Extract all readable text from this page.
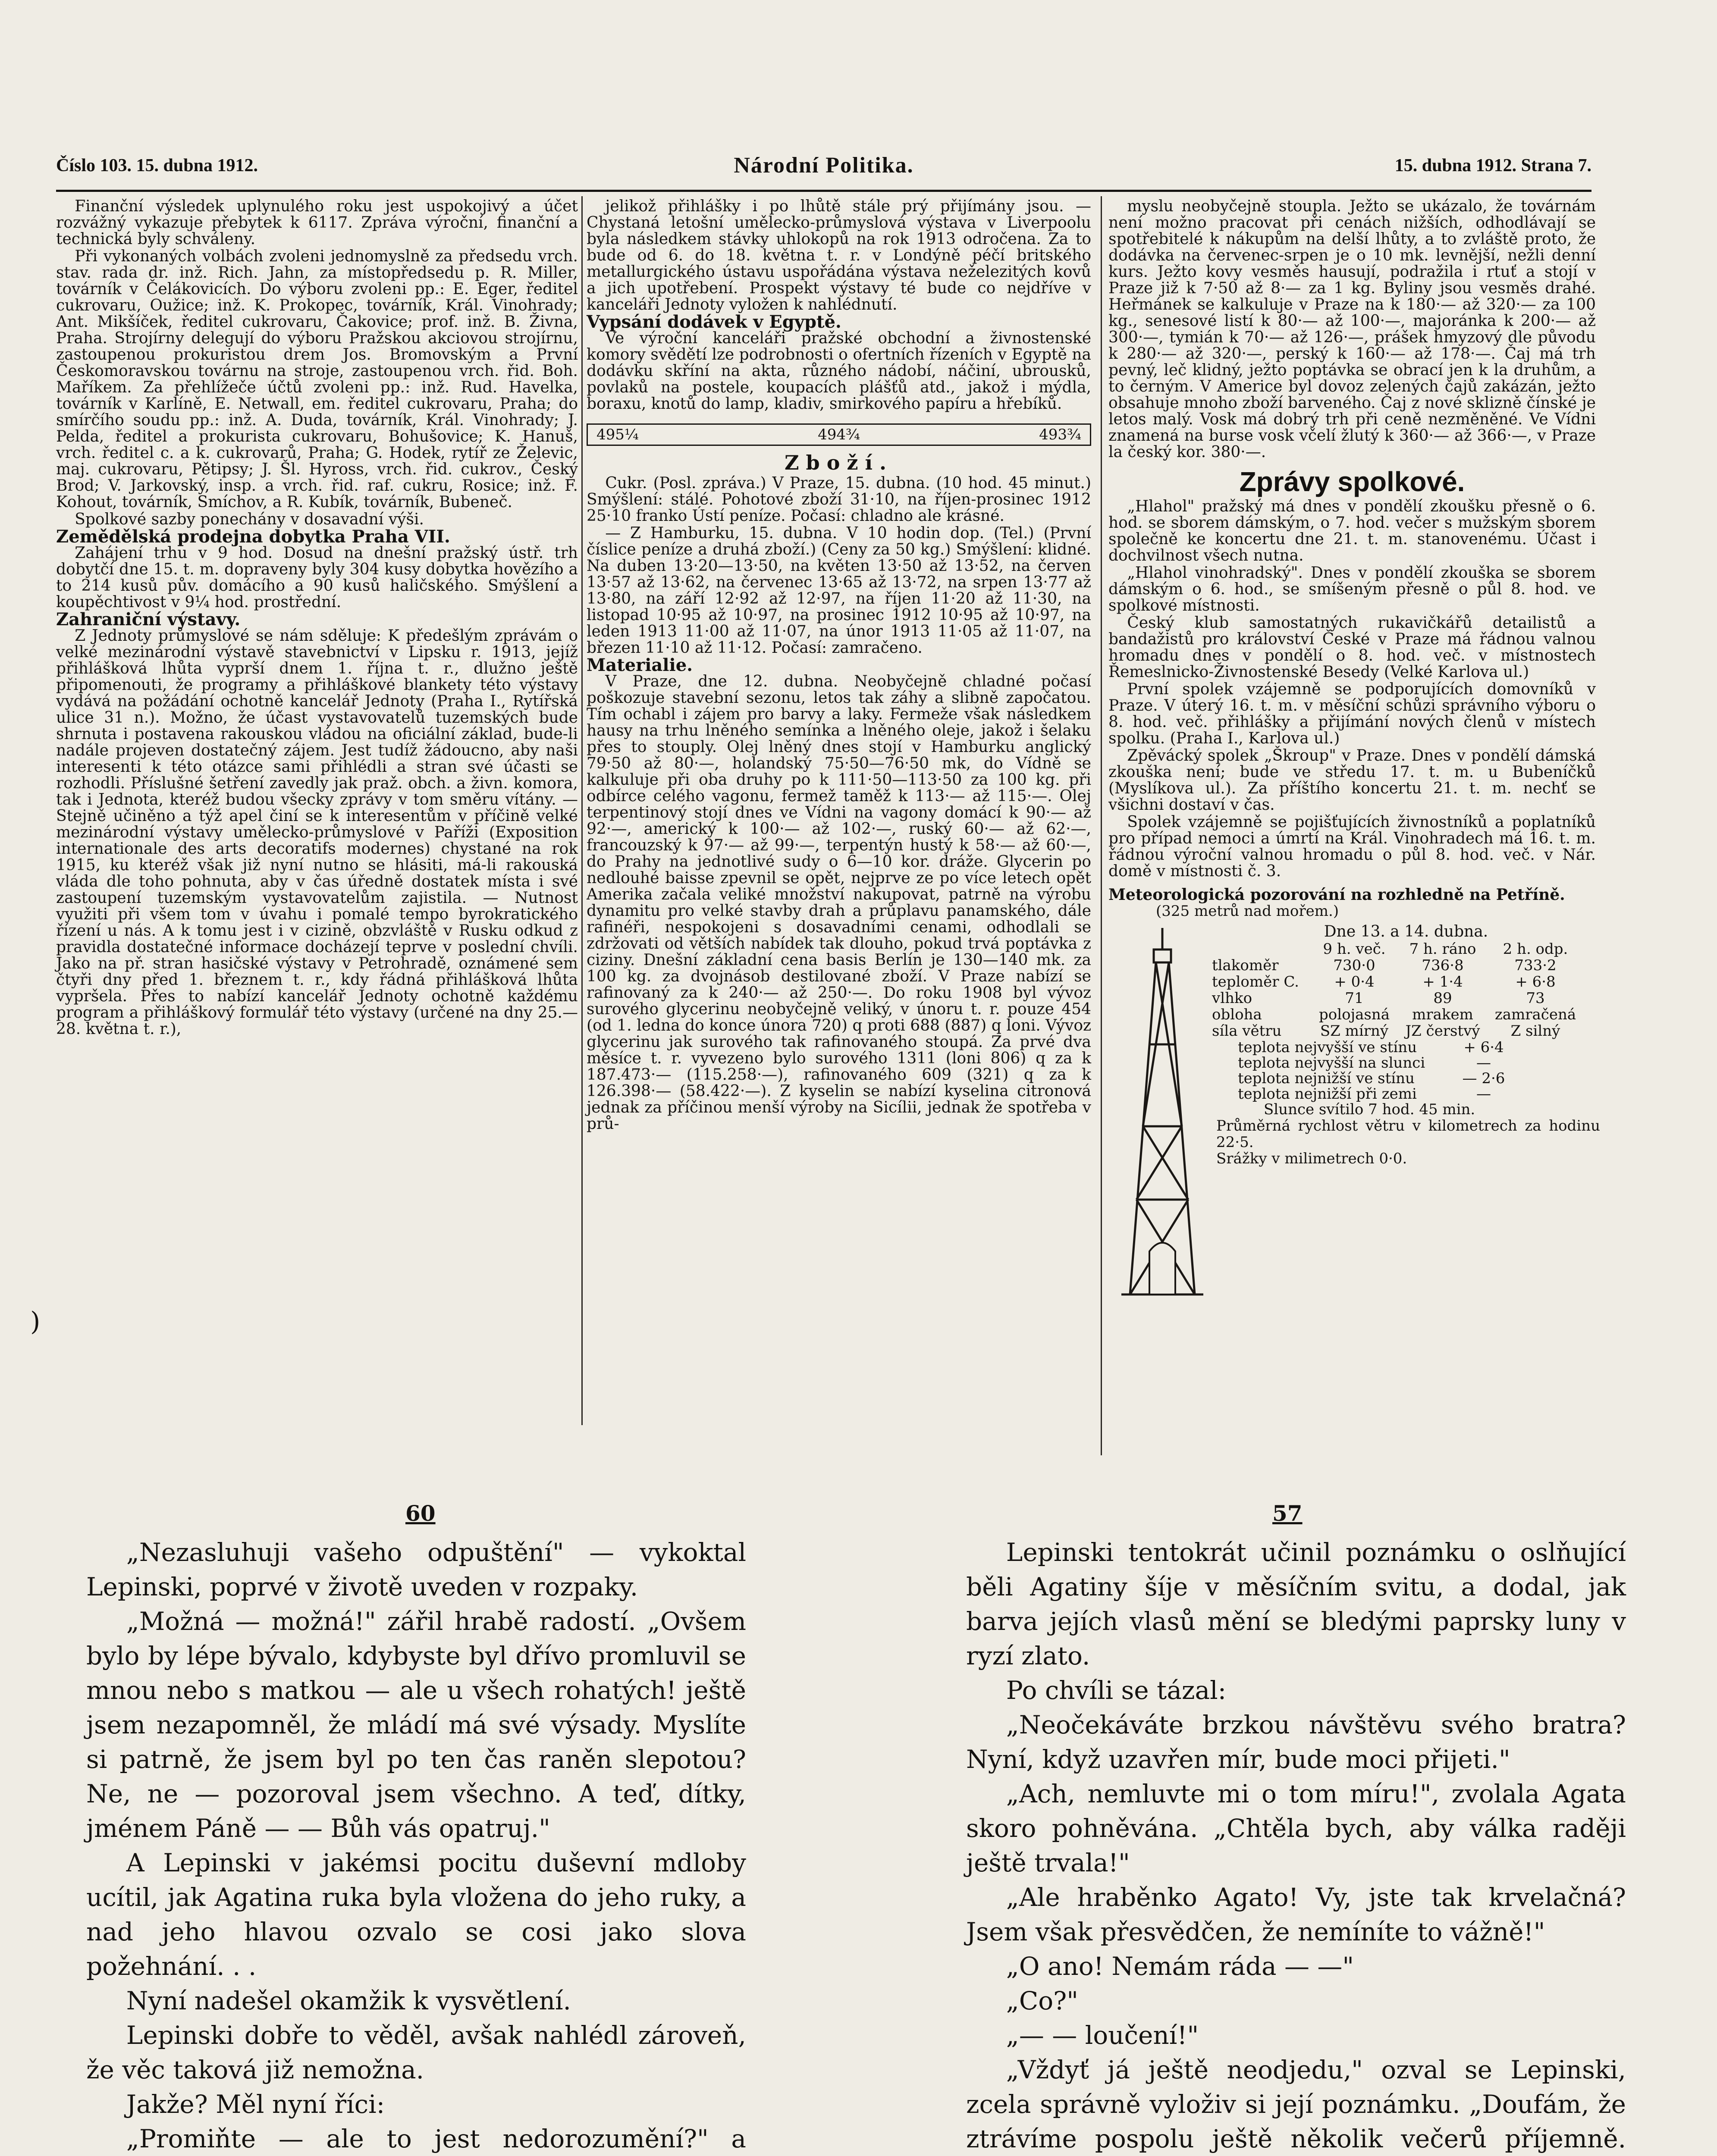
Číslo 103. 15. dubna 1912.	Národní Politika.	15. dubna 1912. Strana 7.

Finanční výsledek uplynulého roku jest uspokojivý a účet rozvážný vykazuje přebytek k 6117. Zpráva výroční, finanční a technická byly schváleny.

Při vykonaných volbách zvoleni jednomyslně za předsedu vrch. stav. rada dr. inž. Rich. Jahn, za místopředsedu p. R. Miller, továrník v Čelákovicích. Do výboru zvoleni pp.: E. Eger, ředitel cukrovaru, Oužice; inž. K. Prokopec, továrník, Král. Vinohrady; Ant. Mikšíček, ředitel cukrovaru, Čakovice; prof. inž. B. Živna, Praha. Strojírny delegují do výboru Pražskou akciovou strojírnu, zastoupenou prokuristou drem Jos. Bromovským a První Českomoravskou továrnu na stroje, zastoupenou vrch. řid. Boh. Maříkem. Za přehlížeče účtů zvoleni pp.: inž. Rud. Havelka, továrník v Karlíně, E. Netwall, em. ředitel cukrovaru, Praha; do smírčího soudu pp.: inž. A. Duda, továrník, Král. Vinohrady; J. Pelda, ředitel a prokurista cukrovaru, Bohušovice; K. Hanuš, vrch. ředitel c. a k. cukrovarů, Praha; G. Hodek, rytíř ze Želevic, maj. cukrovaru, Pětipsy; J. Šl. Hyross, vrch. řid. cukrov., Český Brod; V. Jarkovský, insp. a vrch. řid. raf. cukru, Rosice; inž. F. Kohout, továrník, Smíchov, a R. Kubík, továrník, Bubeneč.

Spolkové sazby ponechány v dosavadní výši.

Zemědělská prodejna dobytka Praha VII.

Zahájení trhu v 9 hod. Dosud na dnešní pražský ústř. trh dobytčí dne 15. t. m. dopraveny byly 304 kusy dobytka hovězího a to 214 kusů pův. domácího a 90 kusů haličského. Smýšlení a koupěchtivost v 9¼ hod. prostřední.

Zahraniční výstavy.

Z Jednoty průmyslové se nám sděluje: K předešlým zprávám o velké mezinárodní výstavě stavebnictví v Lipsku r. 1913, jejíž přihlášková lhůta vyprší dnem 1. října t. r., dlužno ještě připomenouti, že programy a přihláškové blankety této výstavy vydává na požádání ochotně kancelář Jednoty (Praha I., Rytířská ulice 31 n.). Možno, že účast vystavovatelů tuzemských bude shrnuta i postavena rakouskou vládou na oficiální základ, bude-li nadále projeven dostatečný zájem. Jest tudíž žádoucno, aby naši interesenti k této otázce sami přihlédli a stran své účasti se rozhodli. Příslušné šetření zavedly jak praž. obch. a živn. komora, tak i Jednota, kteréž budou všecky zprávy v tom směru vítány. — Stejně učiněno a týž apel činí se k interesentům v příčině velké mezinárodní výstavy umělecko-průmyslové v Paříži (Exposition internationale des arts decoratifs modernes) chystané na rok 1915, ku kteréž však již nyní nutno se hlásiti, má-li rakouská vláda dle toho pohnuta, aby v čas úředně dostatek místa i své zastoupení tuzemským vystavovatelům zajistila. — Nutnost využiti při všem tom v úvahu i pomalé tempo byrokratického řízení u nás. A k tomu jest i v cizině, obzvláště v Rusku odkud z pravidla dostatečné informace docházejí teprve v poslední chvíli. Jako na př. stran hasičské výstavy v Petrohradě, oznámené sem čtyři dny před 1. březnem t. r., kdy řádná přihlášková lhůta vypršela. Přes to nabízí kancelář Jednoty ochotně každému program a přihláškový formulář této výstavy (určené na dny 25.—28. května t. r.),

jelikož přihlášky i po lhůtě stále prý přijímány jsou. — Chystaná letošní umělecko-průmyslová výstava v Liverpoolu byla následkem stávky uhlokopů na rok 1913 odročena. Za to bude od 6. do 18. května t. r. v Londýně péčí britského metallurgického ústavu uspořádána výstava neželezitých kovů a jich upotřebení. Prospekt výstavy té bude co nejdříve v kanceláři Jednoty vyložen k nahlédnutí.

Vypsání dodávek v Egyptě.

Ve výroční kanceláři pražské obchodní a živnostenské komory svědětí lze podrobnosti o ofertních řízeních v Egyptě na dodávku skříní na akta, různého nádobí, náčiní, ubrousků, povlaků na postele, koupacích plášťů atd., jakož i mýdla, boraxu, knotů do lamp, kladiv, smirkového papíru a hřebíků.

495¼	494¾	493¾
Zboží.

Cukr. (Posl. zpráva.) V Praze, 15. dubna. (10 hod. 45 minut.) Smýšlení: stálé. Pohotové zboží 31·10, na říjen-prosinec 1912 25·10 franko Ústí peníze. Počasí: chladno ale krásné.

— Z Hamburku, 15. dubna. V 10 hodin dop. (Tel.) (První číslice peníze a druhá zboží.) (Ceny za 50 kg.) Smýšlení: klidné. Na duben 13·20—13·50, na květen 13·50 až 13·52, na červen 13·57 až 13·62, na červenec 13·65 až 13·72, na srpen 13·77 až 13·80, na září 12·92 až 12·97, na říjen 11·20 až 11·30, na listopad 10·95 až 10·97, na prosinec 1912 10·95 až 10·97, na leden 1913 11·00 až 11·07, na únor 1913 11·05 až 11·07, na březen 11·10 až 11·12. Počasí: zamračeno.

Materialie.

V Praze, dne 12. dubna. Neobyčejně chladné počasí poškozuje stavební sezonu, letos tak záhy a slibně započatou. Tím ochabl i zájem pro barvy a laky. Fermeže však následkem hausy na trhu lněného semínka a lněného oleje, jakož i šelaku přes to stouply. Olej lněný dnes stojí v Hamburku anglický 79·50 až 80·—, holandský 75·50—76·50 mk, do Vídně se kalkuluje při oba druhy po k 111·50—113·50 za 100 kg. při odbírce celého vagonu, fermež taměž k 113·— až 115·—. Olej terpentinový stojí dnes ve Vídni na vagony domácí k 90·— až 92·—, americký k 100·— až 102·—, ruský 60·— až 62·—, francouzský k 97·— až 99·—, terpentýn hustý k 58·— až 60·—, do Prahy na jednotlivé sudy o 6—10 kor. dráže. Glycerin po nedlouhé baisse zpevnil se opět, nejprve ze po více letech opět Amerika začala veliké množství nakupovat, patrně na výrobu dynamitu pro velké stavby drah a průplavu panamského, dále rafinéři, nespokojeni s dosavadními cenami, odhodlali se zdržovati od větších nabídek tak dlouho, pokud trvá poptávka z ciziny. Dnešní základní cena basis Berlín je 130—140 mk. za 100 kg. za dvojnásob destilované zboží. V Praze nabízí se rafinovaný za k 240·— až 250·—. Do roku 1908 byl vývoz surového glycerinu neobyčejně veliký, v únoru t. r. pouze 454 (od 1. ledna do konce února 720) q proti 688 (887) q loni. Vývoz glycerinu jak surového tak rafinovaného stoupá. Za prvé dva měsíce t. r. vyvezeno bylo surového 1311 (loni 806) q za k 187.473·— (115.258·—), rafinovaného 609 (321) q za k 126.398·— (58.422·—). Z kyselin se nabízí kyselina citronová jednak za příčinou menší výroby na Sicílii, jednak že spotřeba v prů-

myslu neobyčejně stoupla. Ježto se ukázalo, že továrnám není možno pracovat při cenách nižších, odhodlávají se spotřebitelé k nákupům na delší lhůty, a to zvláště proto, že dodávka na červenec-srpen je o 10 mk. levnější, nežli denní kurs. Ježto kovy vesměs hausují, podražila i rtuť a stojí v Praze již k 7·50 až 8·— za 1 kg. Byliny jsou vesměs drahé. Heřmánek se kalkuluje v Praze na k 180·— až 320·— za 100 kg., senesové listí k 80·— až 100·—, majoránka k 200·— až 300·—, tymián k 70·— až 126·—, prášek hmyzový dle původu k 280·— až 320·—, perský k 160·— až 178·—. Čaj má trh pevný, leč klidný, ježto poptávka se obrací jen k la druhům, a to černým. V Americe byl dovoz zelených čajů zakázán, ježto obsahuje mnoho zboží barveného. Čaj z nové sklizně čínské je letos malý. Vosk má dobrý trh při ceně nezměněné. Ve Vídni znamená na burse vosk včelí žlutý k 360·— až 366·—, v Praze la český kor. 380·—.

Zprávy spolkové.

„Hlahol" pražský má dnes v pondělí zkoušku přesně o 6. hod. se sborem dámským, o 7. hod. večer s mužským sborem společně ke koncertu dne 21. t. m. stanovenému. Účast i dochvilnost všech nutna.

„Hlahol vinohradský". Dnes v pondělí zkouška se sborem dámským o 6. hod., se smíšeným přesně o půl 8. hod. ve spolkové místnosti.

Český klub samostatných rukavičkářů detailistů a bandažistů pro království České v Praze má řádnou valnou hromadu dnes v pondělí o 8. hod. več. v místnostech Řemeslnicko-Živnostenské Besedy (Velké Karlova ul.)

První spolek vzájemně se podporujících domovníků v Praze. V úterý 16. t. m. v měsíční schůzi správního výboru o 8. hod. več. přihlášky a přijímání nových členů v místech spolku. (Praha I., Karlova ul.)

Zpěvácký spolek „Škroup" v Praze. Dnes v pondělí dámská zkouška není; bude ve středu 17. t. m. u Bubeníčků (Myslíkova ul.). Za příštího koncertu 21. t. m. nechť se všichni dostaví v čas.

Spolek vzájemně se pojišťujících živnostníků a poplatníků pro případ nemoci a úmrtí na Král. Vinohradech má 16. t. m. řádnou výroční valnou hromadu o půl 8. hod. več. v Nár. domě v místnosti č. 3.

Meteorologická pozorování na rozhledně na Petříně.
(325 metrů nad mořem.)
Dne 13. a 14. dubna.
9 h. več.	7 h. ráno	2 h. odp.
tlakoměr	730·0	736·8	733·2
teploměr C.	+ 0·4	+ 1·4	+ 6·8
vlhko	71	89	73
obloha	polojasná	mrakem	zamračená
síla větru	SZ mírný	JZ čerstvý	Z silný
teplota nejvyšší ve stínu	+ 6·4
teplota nejvyšší na slunci	—
teplota nejnižší ve stínu	— 2·6
teplota nejnižší při zemi	—
Slunce svítilo 7 hod. 45 min.
Průměrná rychlost větru v kilometrech za hodinu 22·5.
Srážky v milimetrech 0·0.
)
60	57

„Nezasluhuji vašeho odpuštění" — vykoktal Lepinski, poprvé v životě uveden v rozpaky.

„Možná — možná!" zářil hrabě radostí. „Ovšem bylo by lépe bývalo, kdybyste byl dřívo promluvil se mnou nebo s matkou — ale u všech rohatých! ještě jsem nezapomněl, že mládí má své výsady. Myslíte si patrně, že jsem byl po ten čas raněn slepotou? Ne, ne — pozoroval jsem všechno. A teď, dítky, jménem Páně — — Bůh vás opatruj."

A Lepinski v jakémsi pocitu duševní mdloby ucítil, jak Agatina ruka byla vložena do jeho ruky, a nad jeho hlavou ozvalo se cosi jako slova požehnání. . .

Nyní nadešel okamžik k vysvětlení.

Lepinski dobře to věděl, avšak nahlédl zároveň, že věc taková již nemožna.

Jakže? Měl nyní říci:

„Promiňte — ale to jest nedorozumění?" a

Lepinski tentokrát učinil poznámku o oslňující běli Agatiny šíje v měsíčním svitu, a dodal, jak barva jejích vlasů mění se bledými paprsky luny v ryzí zlato.

Po chvíli se tázal:

„Neočekáváte brzkou návštěvu svého bratra? Nyní, když uzavřen mír, bude moci přijeti."

„Ach, nemluvte mi o tom míru!", zvolala Agata skoro pohněvána. „Chtěla bych, aby válka raději ještě trvala!"

„Ale hraběnko Agato! Vy, jste tak krvelačná? Jsem však přesvědčen, že nemíníte to vážně!"

„O ano! Nemám ráda — —"

„Co?"

„— — loučení!"

„Vždyť já ještě neodjedu," ozval se Lepinski, zcela správně vyloživ si její poznámku. „Doufám, že ztrávíme pospolu ještě několik večerů příjemně.
